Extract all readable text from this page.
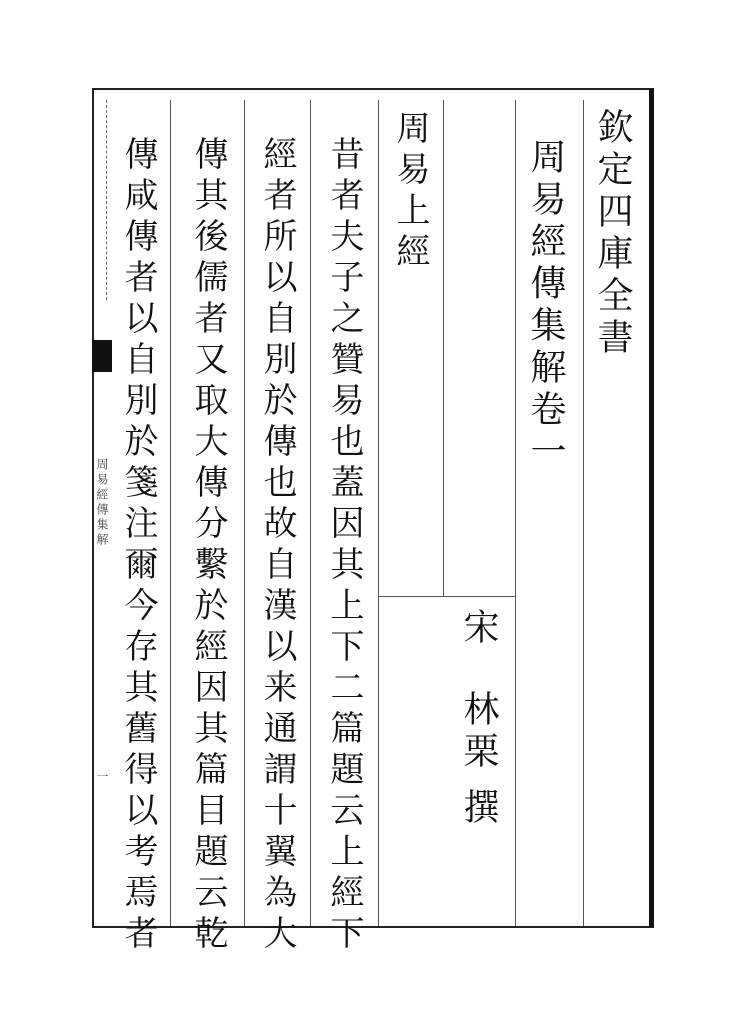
周易經傳集解
一
欽定四庫全書
周易經傳集解卷一
宋
林栗
撰
周易上經
昔者夫子之贊易也蓋因其上下二篇題云上經下
經者所以自別於傳也故自漢以来通謂十翼為大
傳其後儒者又取大傳分繫於經因其篇目題云乾
傳咸傳者以自別於箋注爾今存其舊得以考焉者
